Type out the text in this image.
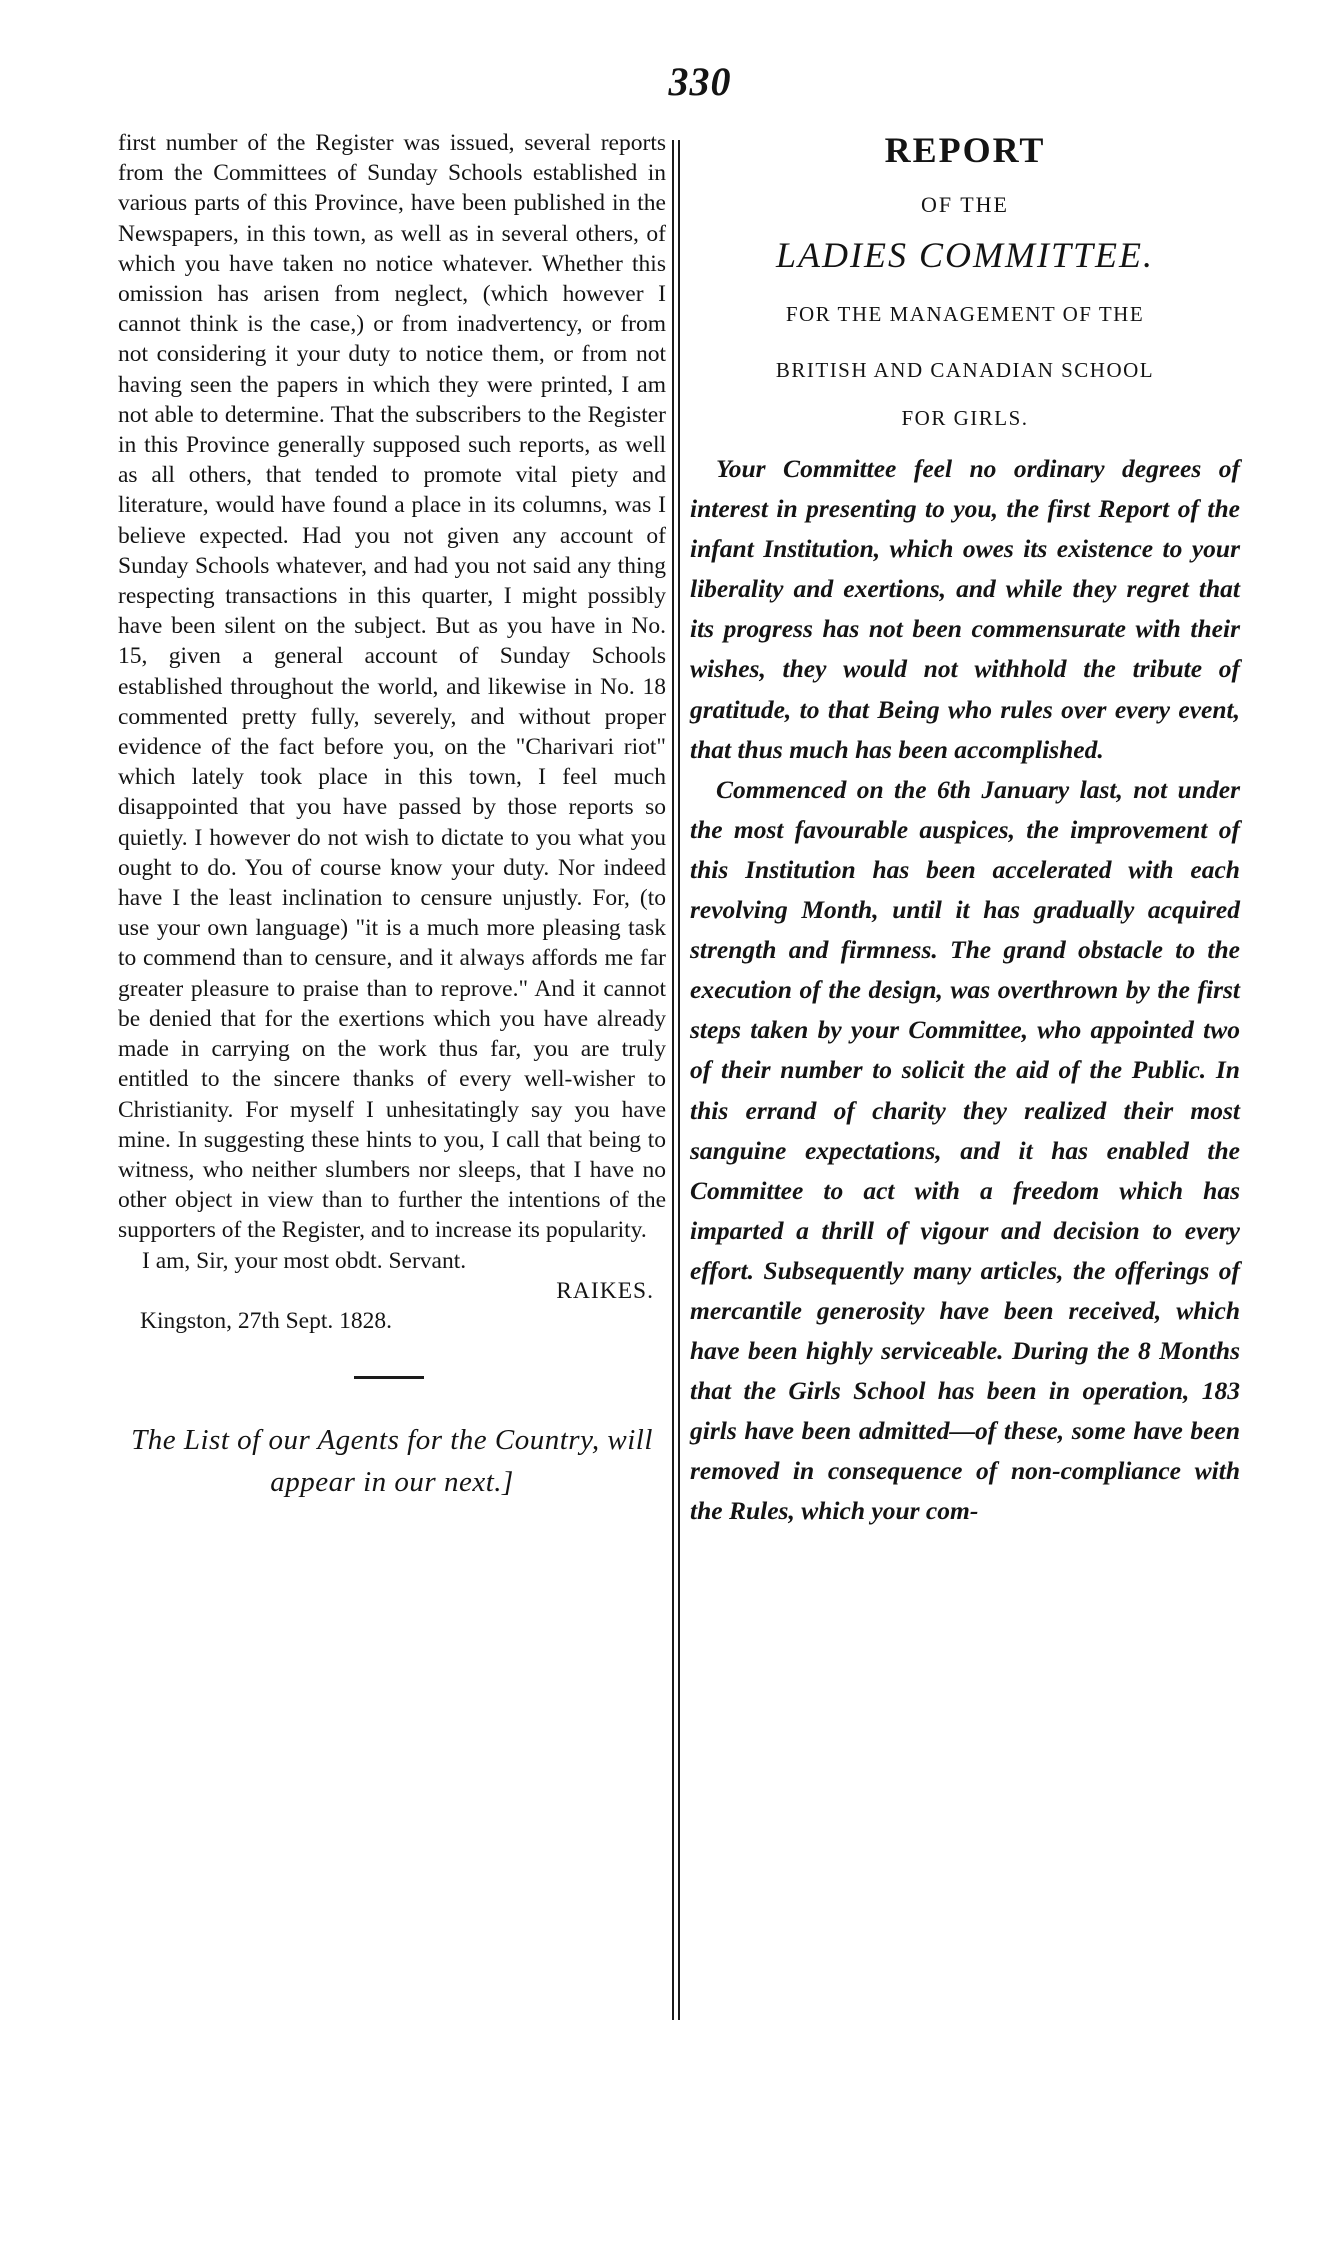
330

first number of the Register was issued, several reports from the Committees of Sunday Schools established in various parts of this Province, have been published in the Newspapers, in this town, as well as in several others, of which you have taken no notice whatever. Whether this omission has arisen from neglect, (which however I cannot think is the case,) or from inadvertency, or from not considering it your duty to notice them, or from not having seen the papers in which they were printed, I am not able to determine. That the subscribers to the Register in this Province generally supposed such reports, as well as all others, that tended to promote vital piety and literature, would have found a place in its columns, was I believe expected. Had you not given any account of Sunday Schools whatever, and had you not said any thing respecting transactions in this quarter, I might possibly have been silent on the subject. But as you have in No. 15, given a general account of Sunday Schools established throughout the world, and likewise in No. 18 commented pretty fully, severely, and without proper evidence of the fact before you, on the "Charivari riot" which lately took place in this town, I feel much disappointed that you have passed by those reports so quietly. I however do not wish to dictate to you what you ought to do. You of course know your duty. Nor indeed have I the least inclination to censure unjustly. For, (to use your own language) "it is a much more pleasing task to commend than to censure, and it always affords me far greater pleasure to praise than to reprove." And it cannot be denied that for the exertions which you have already made in carrying on the work thus far, you are truly entitled to the sincere thanks of every well-wisher to Christianity. For myself I unhesitatingly say you have mine. In suggesting these hints to you, I call that being to witness, who neither slumbers nor sleeps, that I have no other object in view than to further the intentions of the supporters of the Register, and to increase its popularity.

I am, Sir, your most obdt. Servant.

RAIKES.
Kingston, 27th Sept. 1828.
The List of our Agents for the Country, will appear in our next.]
REPORT
OF THE
LADIES COMMITTEE.
FOR THE MANAGEMENT OF THE
BRITISH AND CANADIAN SCHOOL
FOR GIRLS.

Your Committee feel no ordinary degrees of interest in presenting to you, the first Report of the infant Institution, which owes its existence to your liberality and exertions, and while they regret that its progress has not been commensurate with their wishes, they would not withhold the tribute of gratitude, to that Being who rules over every event, that thus much has been accomplished.

Commenced on the 6th January last, not under the most favourable auspices, the improvement of this Institution has been accelerated with each revolving Month, until it has gradually acquired strength and firmness. The grand obstacle to the execution of the design, was overthrown by the first steps taken by your Committee, who appointed two of their number to solicit the aid of the Public. In this errand of charity they realized their most sanguine expectations, and it has enabled the Committee to act with a freedom which has imparted a thrill of vigour and decision to every effort. Subsequently many articles, the offerings of mercantile generosity have been received, which have been highly serviceable. During the 8 Months that the Girls School has been in operation, 183 girls have been admitted—of these, some have been removed in consequence of non-compliance with the Rules, which your com-
